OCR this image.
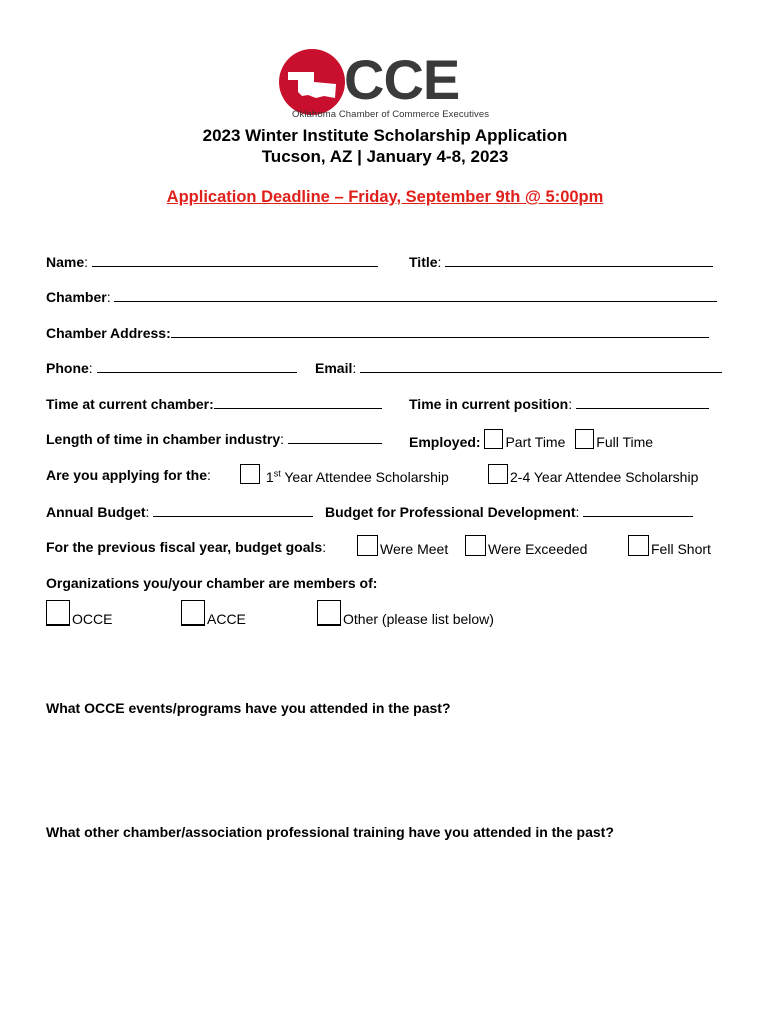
CCE
Oklahoma Chamber of Commerce Executives
2023 Winter Institute Scholarship Application
Tucson, AZ | January 4-8, 2023
Application Deadline – Friday, September 9th @ 5:00pm
Name:	Title:
Chamber:
Chamber Address:
Phone:	Email:
Time at current chamber:	Time in current position:
Length of time in chamber industry:	Employed: Part Time Full Time
Are you applying for the:	1st Year Attendee Scholarship	2-4 Year Attendee Scholarship
Annual Budget:	Budget for Professional Development:
For the previous fiscal year, budget goals:	Were Meet	Were Exceeded	Fell Short
Organizations you/your chamber are members of:
OCCE	ACCE	Other (please list below)
What OCCE events/programs have you attended in the past?
What other chamber/association professional training have you attended in the past?
